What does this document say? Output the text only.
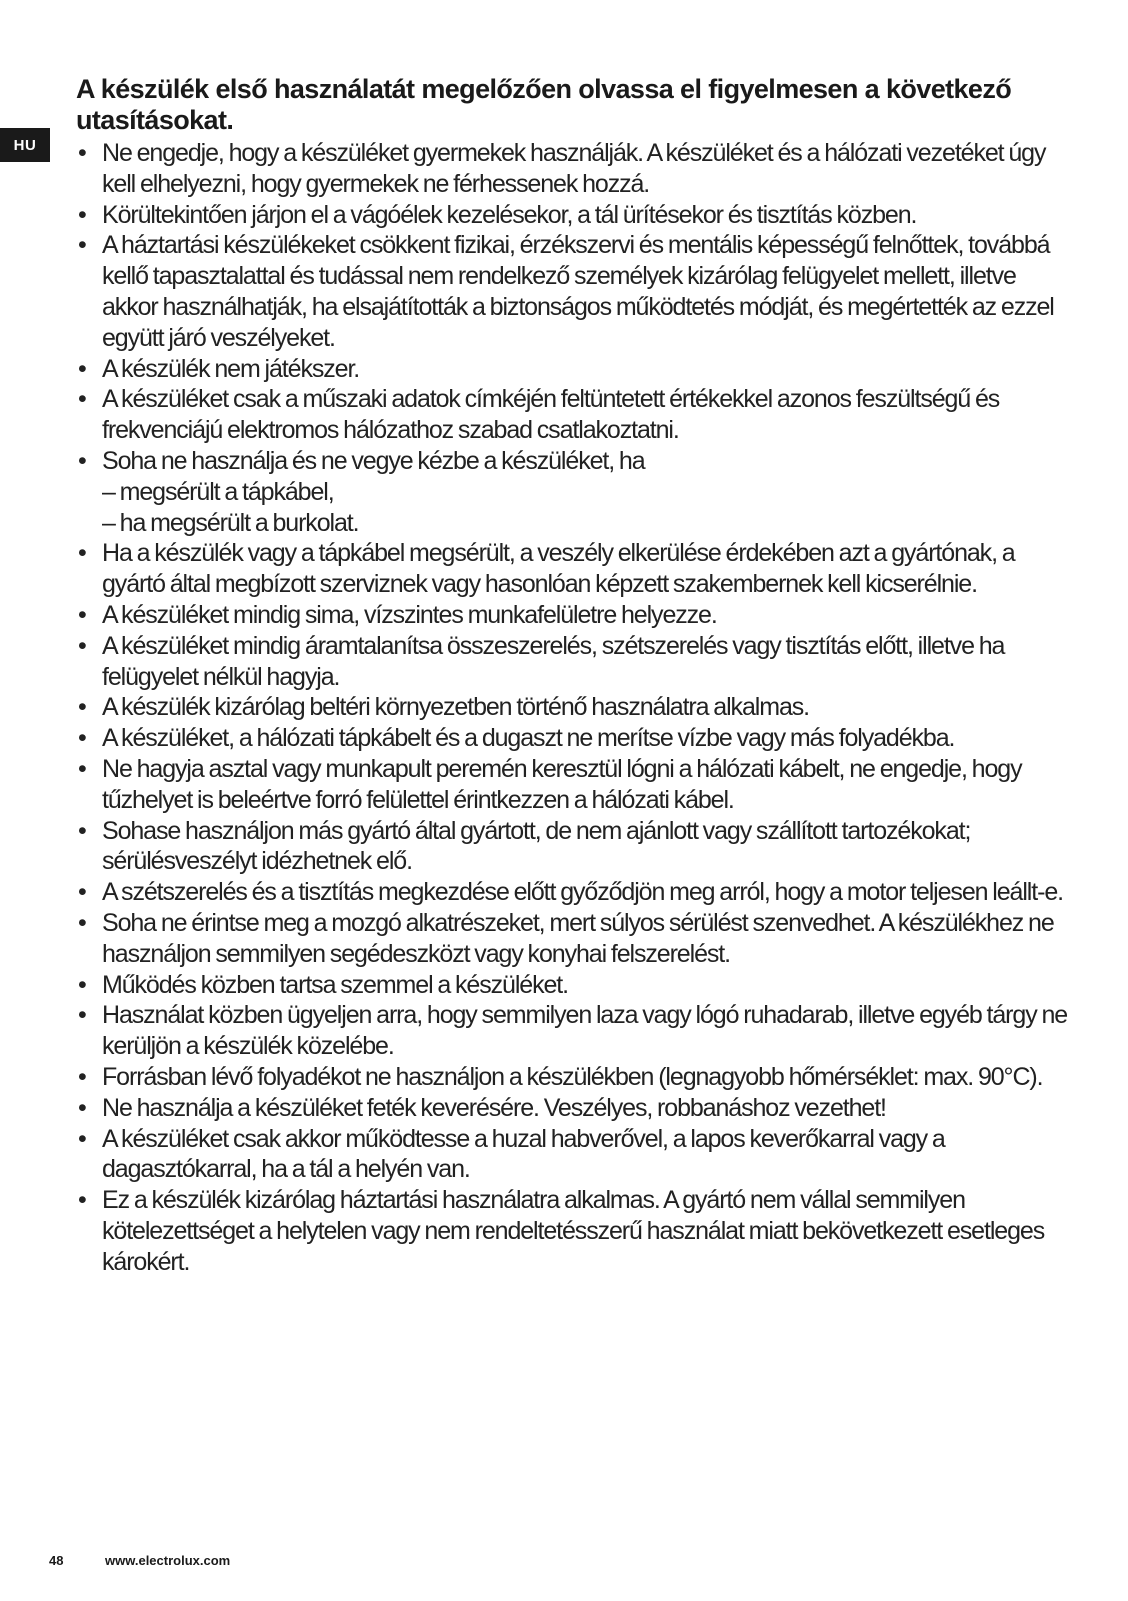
HU
A készülék első használatát megelőzően olvassa el figyelmesen a következő utasításokat.
• Ne engedje, hogy a készüléket gyermekek használják. A készüléket és a hálózati vezetéket úgy kell elhelyezni, hogy gyermekek ne férhessenek hozzá.
• Körültekintően járjon el a vágóélek kezelésekor, a tál ürítésekor és tisztítás közben.
• A háztartási készülékeket csökkent fizikai, érzékszervi és mentális képességű felnőttek, továbbá kellő tapasztalattal és tudással nem rendelkező személyek kizárólag felügyelet mellett, illetve akkor használhatják, ha elsajátították a biztonságos működtetés módját, és megértették az ezzel együtt járó veszélyeket.
• A készülék nem játékszer.
• A készüléket csak a műszaki adatok címkéjén feltüntetett értékekkel azonos feszültségű és frekvenciájú elektromos hálózathoz szabad csatlakoztatni.
• Soha ne használja és ne vegye kézbe a készüléket, ha
– megsérült a tápkábel,
– ha megsérült a burkolat.
• Ha a készülék vagy a tápkábel megsérült, a veszély elkerülése érdekében azt a gyártónak, a gyártó által megbízott szerviznek vagy hasonlóan képzett szakembernek kell kicserélnie.
• A készüléket mindig sima, vízszintes munkafelületre helyezze.
• A készüléket mindig áramtalanítsa összeszerelés, szétszerelés vagy tisztítás előtt, illetve ha felügyelet nélkül hagyja.
• A készülék kizárólag beltéri környezetben történő használatra alkalmas.
• A készüléket, a hálózati tápkábelt és a dugaszt ne merítse vízbe vagy más folyadékba.
• Ne hagyja asztal vagy munkapult peremén keresztül lógni a hálózati kábelt, ne engedje, hogy tűzhelyet is beleértve forró felülettel érintkezzen a hálózati kábel.
• Sohase használjon más gyártó által gyártott, de nem ajánlott vagy szállított tartozékokat; sérülésveszélyt idézhetnek elő.
• A szétszerelés és a tisztítás megkezdése előtt győződjön meg arról, hogy a motor teljesen leállt-e.
• Soha ne érintse meg a mozgó alkatrészeket, mert súlyos sérülést szenvedhet. A készülékhez ne használjon semmilyen segédeszközt vagy konyhai felszerelést.
• Működés közben tartsa szemmel a készüléket.
• Használat közben ügyeljen arra, hogy semmilyen laza vagy lógó ruhadarab, illetve egyéb tárgy ne kerüljön a készülék közelébe.
• Forrásban lévő folyadékot ne használjon a készülékben (legnagyobb hőmérséklet: max. 90°C).
• Ne használja a készüléket feték keverésére. Veszélyes, robbanáshoz vezethet!
• A készüléket csak akkor működtesse a huzal habverővel, a lapos keverőkarral vagy a dagasztókarral, ha a tál a helyén van.
• Ez a készülék kizárólag háztartási használatra alkalmas. A gyártó nem vállal semmilyen kötelezettséget a helytelen vagy nem rendeltetésszerű használat miatt bekövetkezett esetleges károkért.
48	www.electrolux.com
